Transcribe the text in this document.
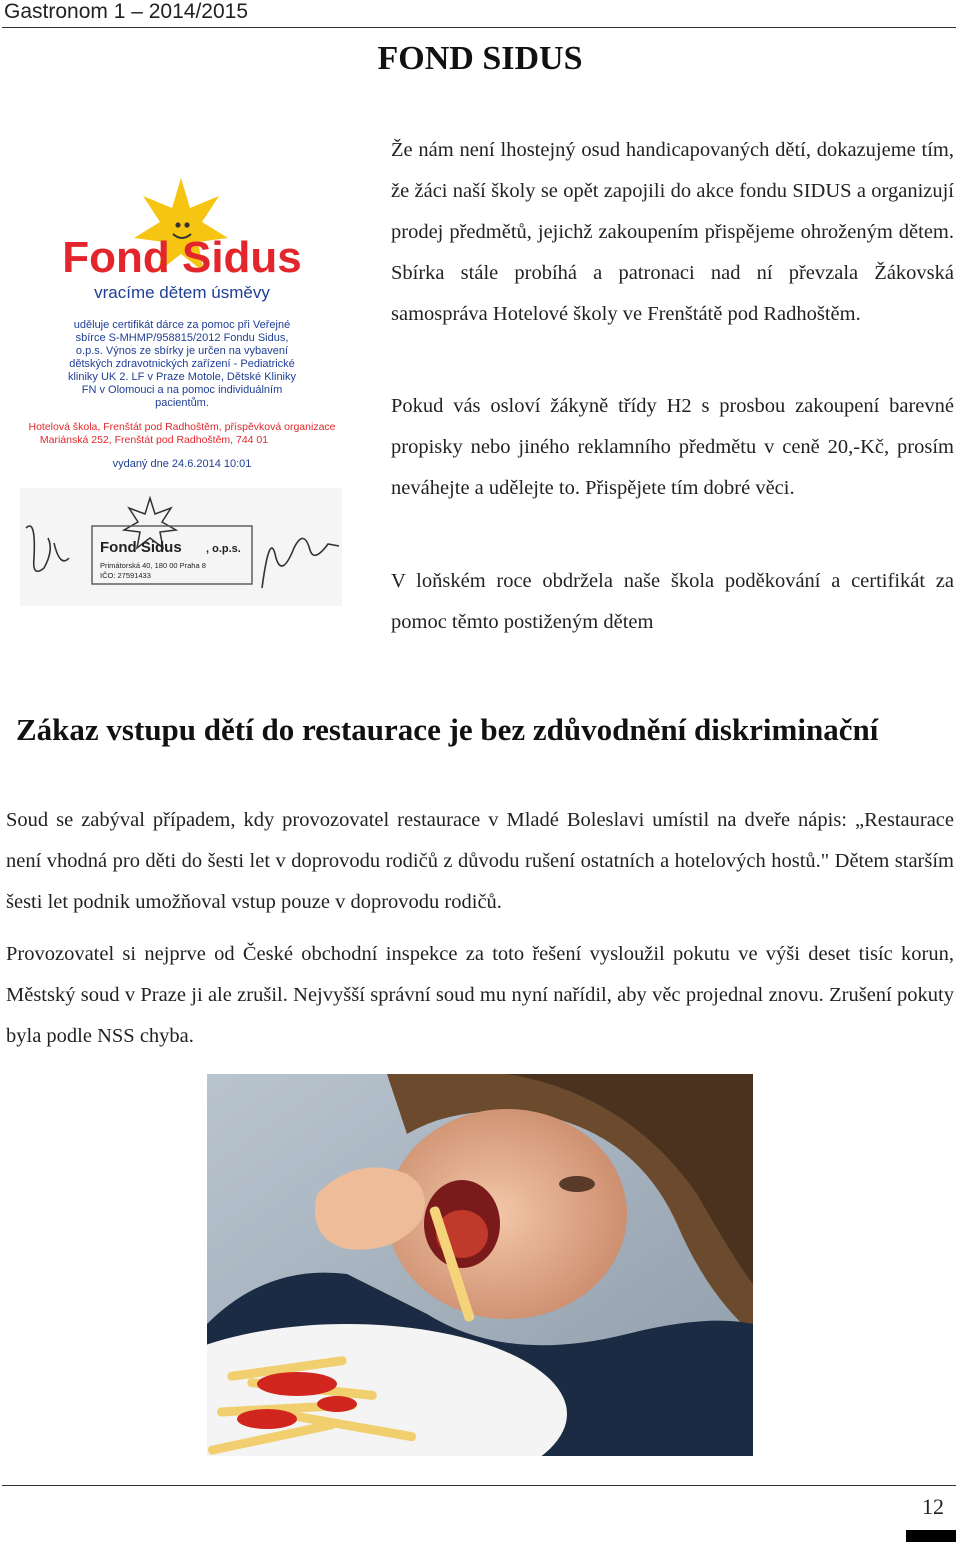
Gastronom 1 – 2014/2015
FOND SIDUS
Fond Sidus
vracíme dětem úsměvy
uděluje certifikát dárce za pomoc při Veřejné
sbírce S-MHMP/958815/2012 Fondu Sidus,
o.p.s. Výnos ze sbírky je určen na vybavení
dětských zdravotnických zařízení - Pediatrické
kliniky UK 2. LF v Praze Motole, Dětské Kliniky
FN v Olomouci a na pomoc individuálním
pacientům.
Hotelová škola, Frenštát pod Radhoštěm, příspěvková organizace
Mariánská 252, Frenštát pod Radhoštěm, 744 01
vydaný dne 24.6.2014 10:01
Fond Sidus , o.p.s.
Primátorská 40, 180 00 Praha 8
IČO: 27591433

Že nám není lhostejný osud handicapovaných dětí, dokazujeme tím, že žáci naší školy se opět zapojili do akce fondu SIDUS a organizují prodej předmětů, jejichž zakoupením přispějeme ohroženým dětem. Sbírka stále probíhá a patronaci nad ní převzala Žákovská samospráva Hotelové školy ve Frenštátě pod Radhoštěm.

Pokud vás osloví žákyně třídy H2 s prosbou zakoupení barevné propisky nebo jiného reklamního předmětu v ceně 20,-Kč, prosím neváhejte a udělejte to. Přispějete tím dobré věci.

V loňském roce obdržela naše škola poděkování a certifikát za pomoc těmto postiženým dětem

Zákaz vstupu dětí do restaurace je bez zdůvodnění diskriminační

Soud se zabýval případem, kdy provozovatel restaurace v Mladé Boleslavi umístil na dveře nápis: „Restaurace není vhodná pro děti do šesti let v doprovodu rodičů z důvodu rušení ostatních a hotelových hostů." Dětem starším šesti let podnik umožňoval vstup pouze v doprovodu rodičů.

Provozovatel si nejprve od České obchodní inspekce za toto řešení vysloužil pokutu ve výši deset tisíc korun, Městský soud v Praze ji ale zrušil. Nejvyšší správní soud mu nyní nařídil, aby věc projednal znovu. Zrušení pokuty byla podle NSS chyba.

12
